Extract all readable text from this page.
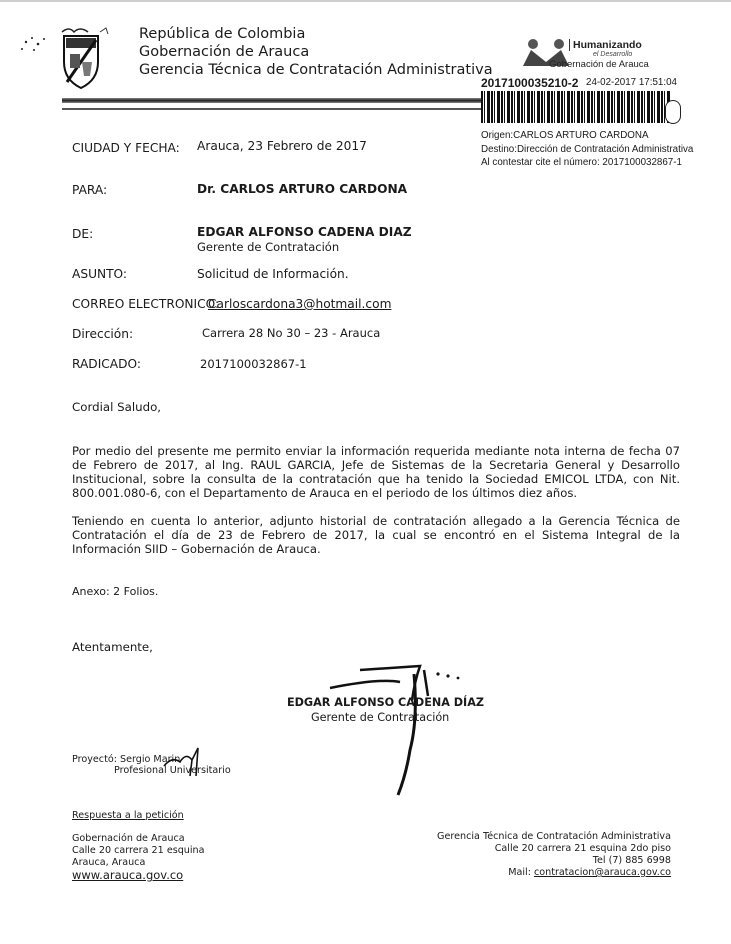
República de Colombia
Gobernación de Arauca
Gerencia Técnica de Contratación Administrativa
Humanizando
el Desarrollo
Gobernación de Arauca
2017100035210-2 24-02-2017 17:51:04
Origen:CARLOS ARTURO CARDONA
Destino:Dirección de Contratación Administrativa
Al contestar cite el número: 2017100032867-1
CIUDAD Y FECHA: Arauca, 23 Febrero de 2017
PARA:	Dr. CARLOS ARTURO CARDONA
DE:	EDGAR ALFONSO CADENA DIAZ
Gerente de Contratación
ASUNTO:	Solicitud de Información.
CORREO ELECTRONICO:
Carloscardona3@hotmail.com
Dirección:	Carrera 28 No 30 – 23 - Arauca
RADICADO:	2017100032867-1
Cordial Saludo,
Por medio del presente me permito enviar la información requerida mediante nota interna de fecha 07 de Febrero de 2017, al Ing. RAUL GARCIA, Jefe de Sistemas de la Secretaria General y Desarrollo Institucional, sobre la consulta de la contratación que ha tenido la Sociedad EMICOL LTDA, con Nit. 800.001.080-6, con el Departamento de Arauca en el periodo de los últimos diez años.
Teniendo en cuenta lo anterior, adjunto historial de contratación allegado a la Gerencia Técnica de Contratación el día de 23 de Febrero de 2017, la cual se encontró en el Sistema Integral de la Información SIID – Gobernación de Arauca.
Anexo: 2 Folios.
Atentamente,
EDGAR ALFONSO CADENA DÍAZ
Gerente de Contratación
Proyectó: Sergio Marin
Profesional Universitario
Respuesta a la petición
Gobernación de Arauca
Calle 20 carrera 21 esquina
Arauca, Arauca
www.arauca.gov.co
Gerencia Técnica de Contratación Administrativa
Calle 20 carrera 21 esquina 2do piso
Tel (7) 885 6998
Mail: contratacion@arauca.gov.co
